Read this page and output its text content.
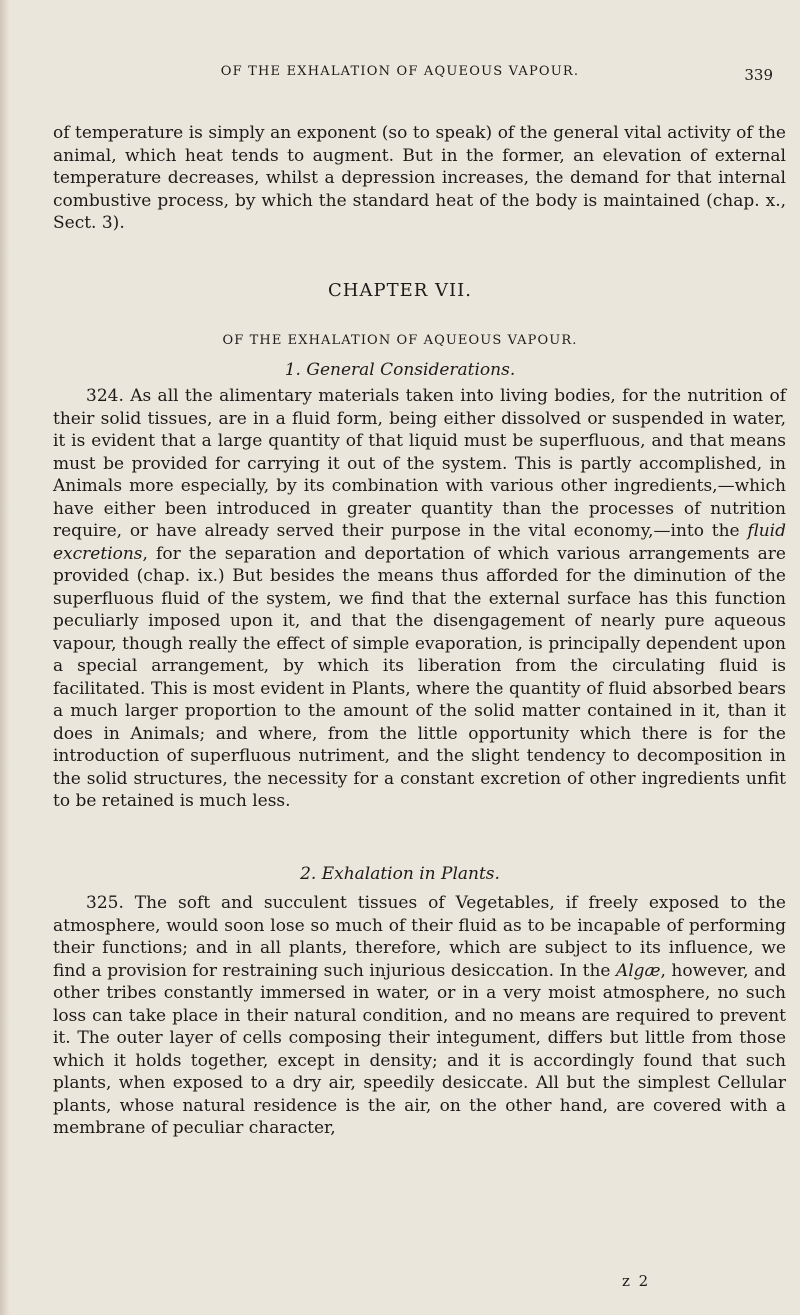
OF THE EXHALATION OF AQUEOUS VAPOUR.	339

of temperature is simply an exponent (so to speak) of the general vital activity of the animal, which heat tends to augment. But in the former, an elevation of external temperature decreases, whilst a depression increases, the demand for that internal combustive process, by which the standard heat of the body is maintained (chap. x., Sect. 3).

CHAPTER VII.
OF THE EXHALATION OF AQUEOUS VAPOUR.
1. General Considerations.

324. As all the alimentary materials taken into living bodies, for the nutrition of their solid tissues, are in a fluid form, being either dissolved or suspended in water, it is evident that a large quantity of that liquid must be superfluous, and that means must be provided for carrying it out of the system. This is partly accomplished, in Animals more especially, by its combination with various other ingredients,—which have either been introduced in greater quantity than the processes of nutrition require, or have already served their purpose in the vital economy,—into the fluid excretions, for the separation and deportation of which various arrangements are provided (chap. ix.) But besides the means thus afforded for the diminution of the superfluous fluid of the system, we find that the external surface has this function peculiarly imposed upon it, and that the disengagement of nearly pure aqueous vapour, though really the effect of simple evaporation, is principally dependent upon a special arrangement, by which its liberation from the circulating fluid is facilitated. This is most evident in Plants, where the quantity of fluid absorbed bears a much larger proportion to the amount of the solid matter contained in it, than it does in Animals; and where, from the little opportunity which there is for the introduction of superfluous nutriment, and the slight tendency to decomposition in the solid structures, the necessity for a constant excretion of other ingredients unfit to be retained is much less.

2. Exhalation in Plants.

325. The soft and succulent tissues of Vegetables, if freely exposed to the atmosphere, would soon lose so much of their fluid as to be incapable of performing their functions; and in all plants, therefore, which are subject to its influence, we find a provision for restraining such injurious desiccation. In the Algæ, however, and other tribes constantly immersed in water, or in a very moist atmosphere, no such loss can take place in their natural condition, and no means are required to prevent it. The outer layer of cells composing their integument, differs but little from those which it holds together, except in density; and it is accordingly found that such plants, when exposed to a dry air, speedily desiccate. All but the simplest Cellular plants, whose natural residence is the air, on the other hand, are covered with a membrane of peculiar character,

z 2
